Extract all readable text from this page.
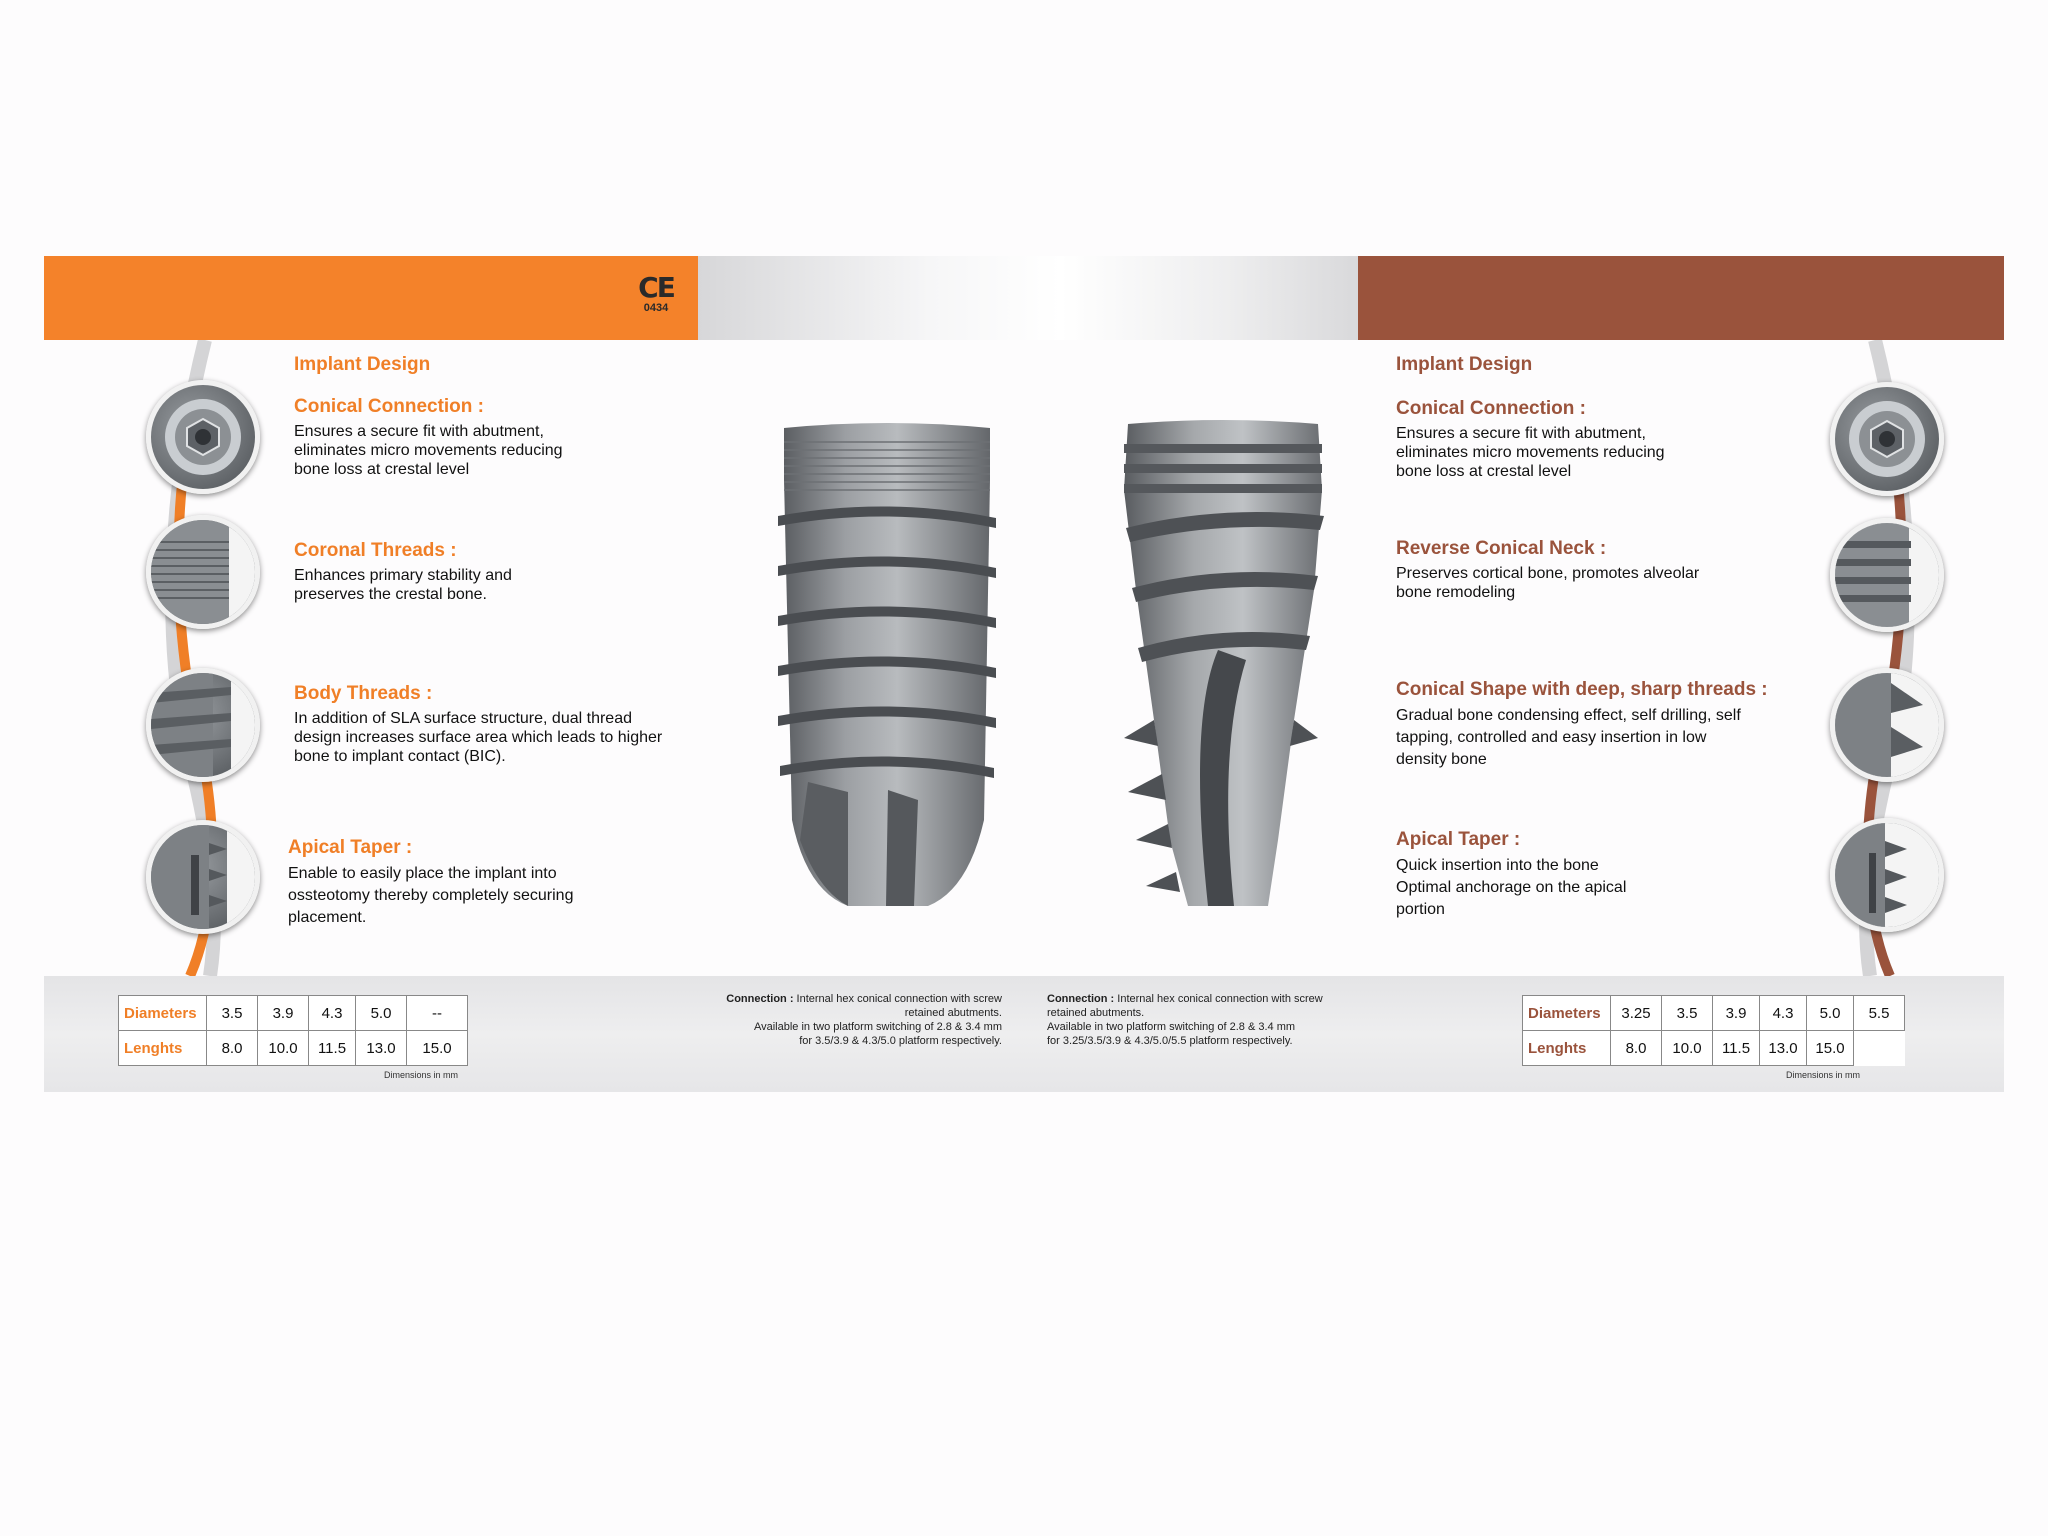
CE
0434
Implant Design
Conical Connection :
Ensures a secure fit with abutment, eliminates micro movements reducing bone loss at crestal level
Coronal Threads :
Enhances primary stability and preserves the crestal bone.
Body Threads :
In addition of SLA surface structure, dual thread design increases surface area which leads to higher bone to implant contact (BIC).
Apical Taper :
Enable to easily place the implant into ossteotomy thereby completely securing placement.
Implant Design
Conical Connection :
Ensures a secure fit with abutment, eliminates micro movements reducing bone loss at crestal level
Reverse Conical Neck :
Preserves cortical bone, promotes alveolar bone remodeling
Conical Shape with deep, sharp threads :
Gradual bone condensing effect, self drilling, self tapping, controlled and easy insertion in low density bone
Apical Taper :
Quick insertion into the bone Optimal anchorage on the apical portion
Diameters	3.5	3.9	4.3	5.0	--
Lenghts	8.0	10.0	11.5	13.0	15.0
Dimensions in mm
Diameters	3.25	3.5	3.9	4.3	5.0	5.5
Lenghts	8.0	10.0	11.5	13.0	15.0	
Dimensions in mm
Connection : Internal hex conical connection with screw retained abutments.
Available in two platform switching of 2.8 & 3.4 mm
for 3.5/3.9 & 4.3/5.0 platform respectively.
Connection : Internal hex conical connection with screw retained abutments.
Available in two platform switching of 2.8 & 3.4 mm
for 3.25/3.5/3.9 & 4.3/5.0/5.5 platform respectively.
